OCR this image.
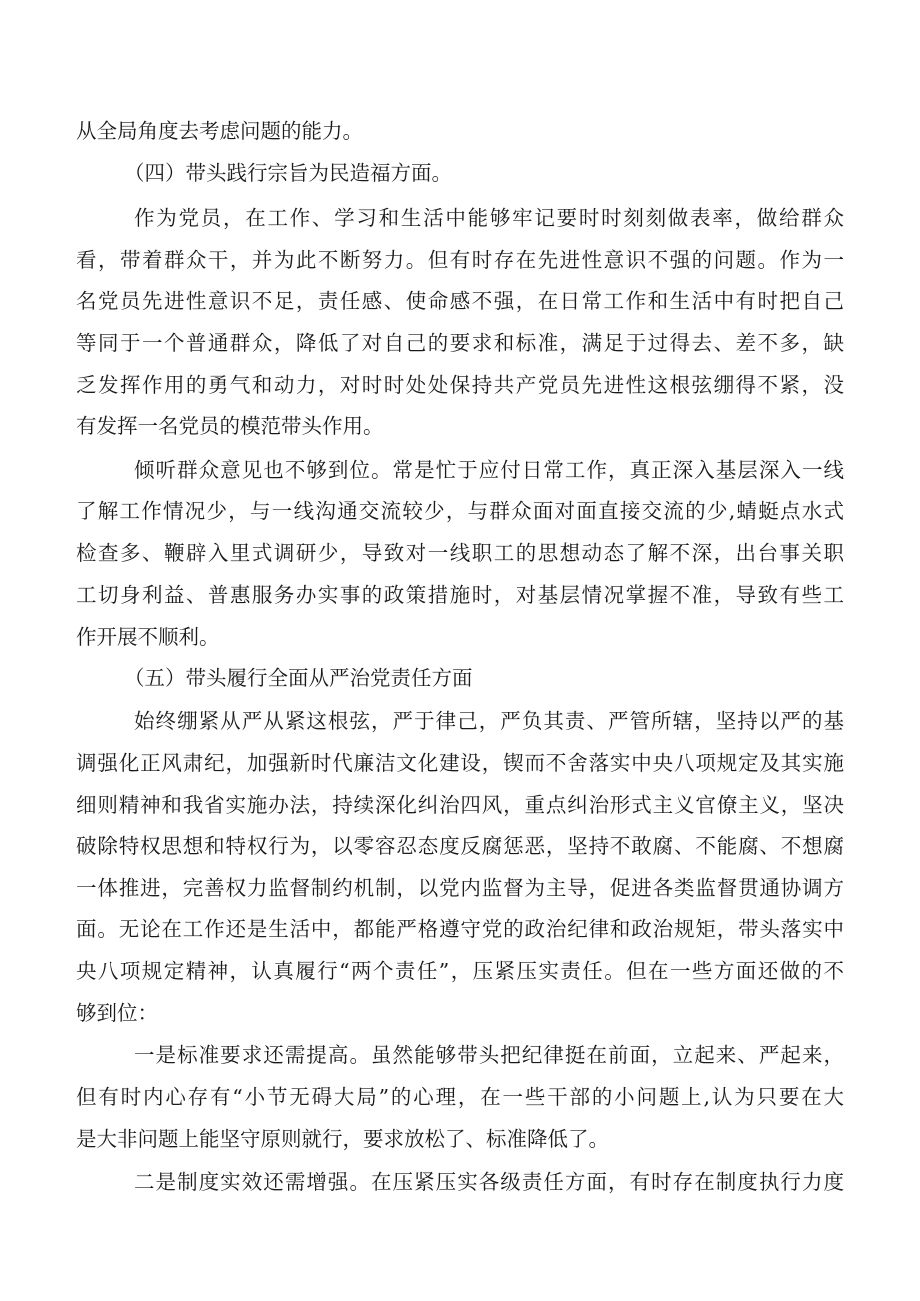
从全局角度去考虑问题的能力。
（四）带头践行宗旨为民造福方面。
作为党员，在工作、学习和生活中能够牢记要时时刻刻做表率，做给群众
看，带着群众干，并为此不断努力。但有时存在先进性意识不强的问题。作为一
名党员先进性意识不足，责任感、使命感不强，在日常工作和生活中有时把自己
等同于一个普通群众，降低了对自己的要求和标准，满足于过得去、差不多，缺
乏发挥作用的勇气和动力，对时时处处保持共产党员先进性这根弦绷得不紧，没
有发挥一名党员的模范带头作用。
倾听群众意见也不够到位。常是忙于应付日常工作，真正深入基层深入一线
了解工作情况少，与一线沟通交流较少，与群众面对面直接交流的少,蜻蜓点水式
检查多、鞭辟入里式调研少，导致对一线职工的思想动态了解不深，出台事关职
工切身利益、普惠服务办实事的政策措施时，对基层情况掌握不准，导致有些工
作开展不顺利。
（五）带头履行全面从严治党责任方面
始终绷紧从严从紧这根弦，严于律己，严负其责、严管所辖，坚持以严的基
调强化正风肃纪，加强新时代廉洁文化建设，锲而不舍落实中央八项规定及其实施
细则精神和我省实施办法，持续深化纠治四风，重点纠治形式主义官僚主义，坚决
破除特权思想和特权行为，以零容忍态度反腐惩恶，坚持不敢腐、不能腐、不想腐
一体推进，完善权力监督制约机制，以党内监督为主导，促进各类监督贯通协调方
面。无论在工作还是生活中，都能严格遵守党的政治纪律和政治规矩，带头落实中
央八项规定精神，认真履行“两个责任”，压紧压实责任。但在一些方面还做的不
够到位：
一是标准要求还需提高。虽然能够带头把纪律挺在前面，立起来、严起来，
但有时内心存有“小节无碍大局”的心理，在一些干部的小问题上,认为只要在大
是大非问题上能坚守原则就行，要求放松了、标准降低了。
二是制度实效还需增强。在压紧压实各级责任方面，有时存在制度执行力度
